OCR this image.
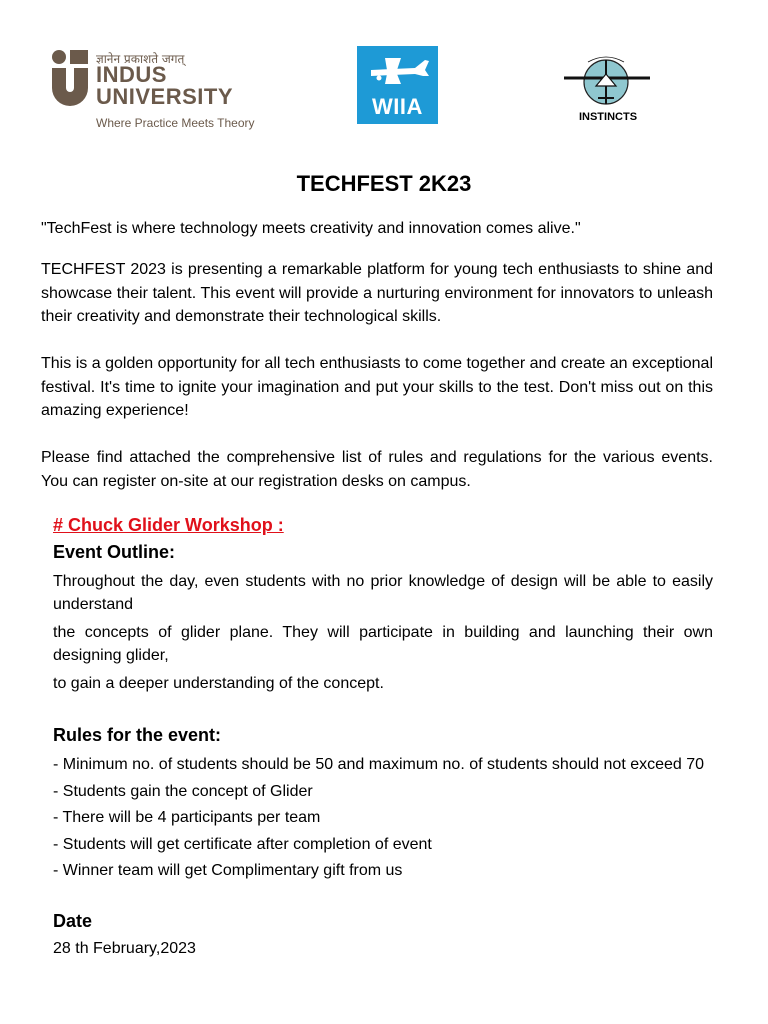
ज्ञानेन प्रकाशते जगत्
INDUS
UNIVERSITY
Where Practice Meets Theory
WIIA	INSTINCTS
TECHFEST 2K23
"TechFest is where technology meets creativity and innovation comes alive."
TECHFEST 2023 is presenting a remarkable platform for young tech enthusiasts to shine and showcase their talent. This event will provide a nurturing environment for innovators to unleash their creativity and demonstrate their technological skills.
This is a golden opportunity for all tech enthusiasts to come together and create an exceptional festival. It's time to ignite your imagination and put your skills to the test. Don't miss out on this amazing experience!
Please find attached the comprehensive list of rules and regulations for the various events. You can register on-site at our registration desks on campus.
# Chuck Glider Workshop :
Event Outline:
Throughout the day, even students with no prior knowledge of design will be able to easily understand
the concepts of glider plane. They will participate in building and launching their own designing glider,
to gain a deeper understanding of the concept.
Rules for the event:
- Minimum no. of students should be 50 and maximum no. of students should not exceed 70
- Students gain the concept of Glider
- There will be 4 participants per team
- Students will get certificate after completion of event
- Winner team will get Complimentary gift from us
Date
28 th February,2023
